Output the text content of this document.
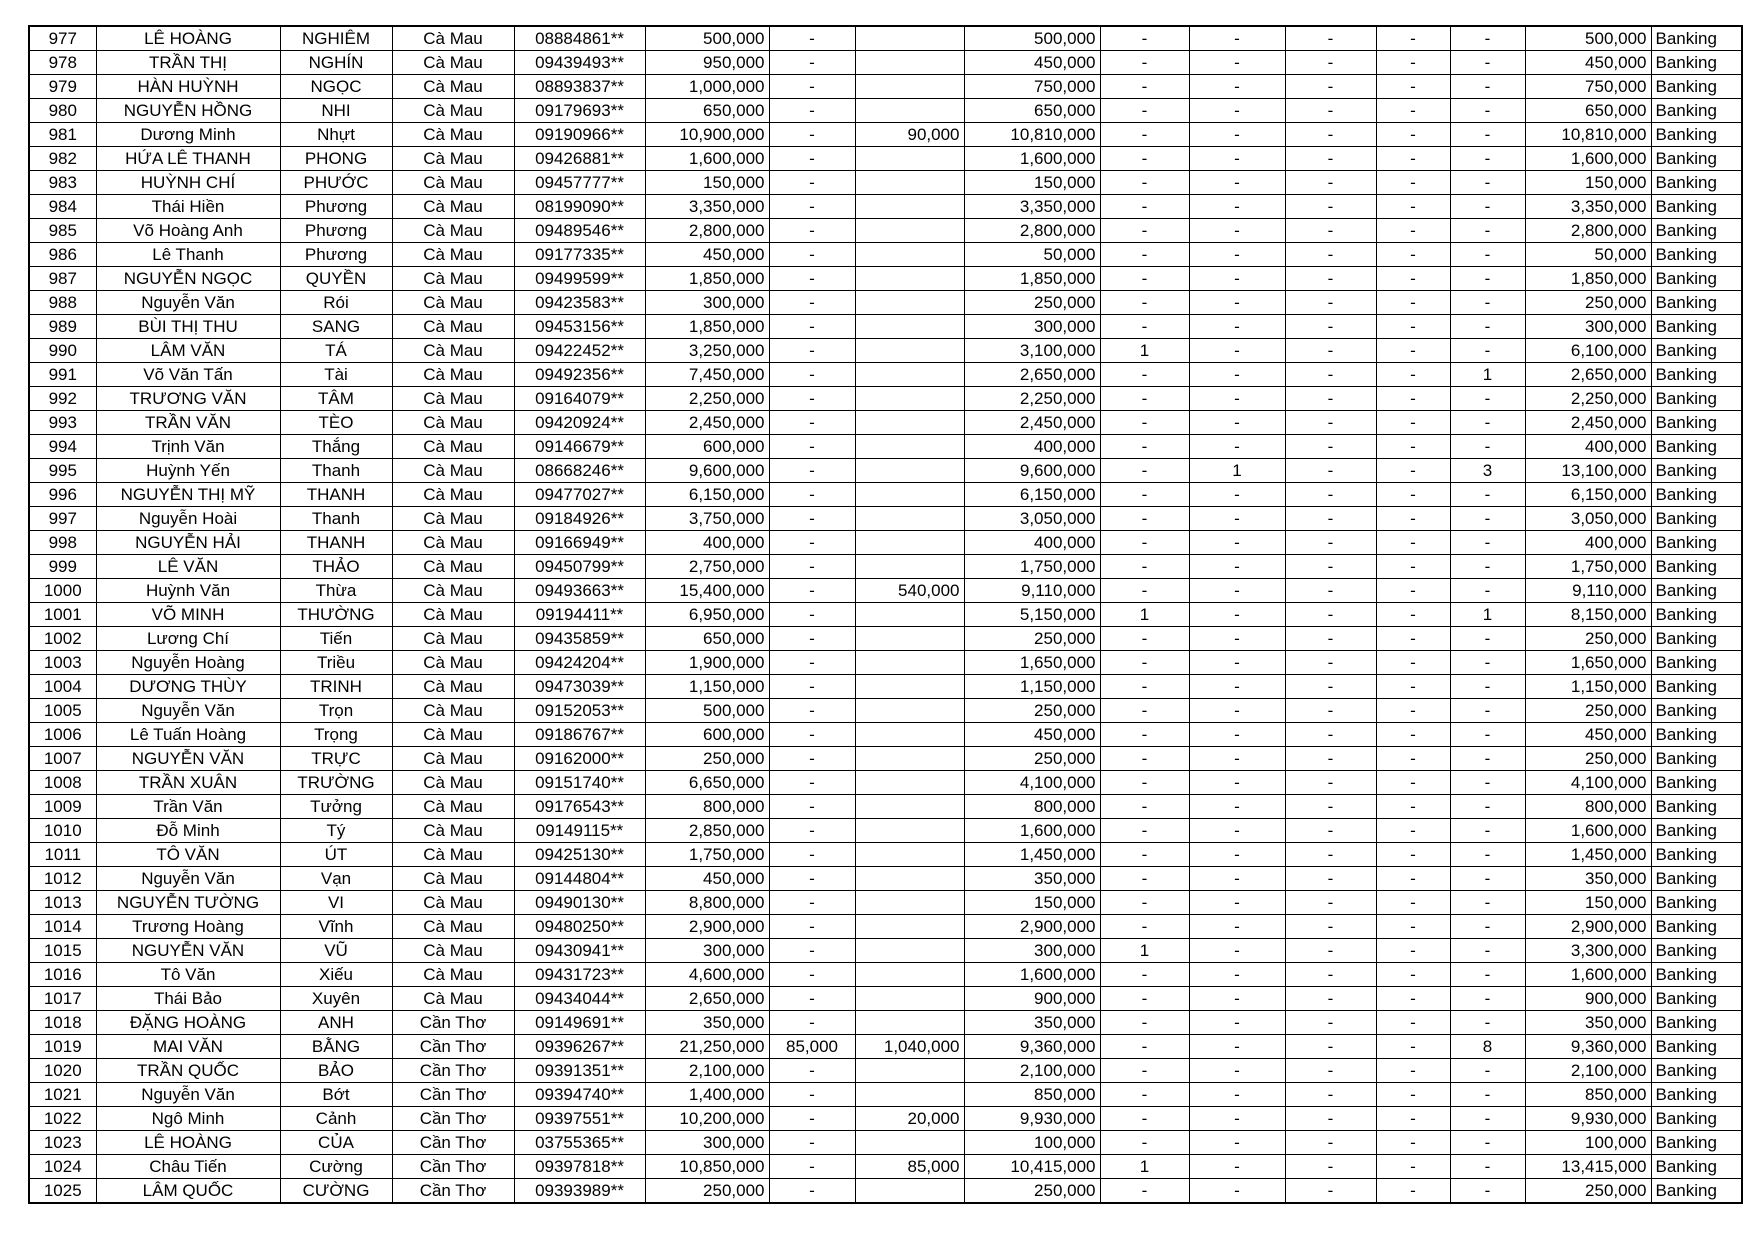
977	LÊ HOÀNG	NGHIÊM	Cà Mau	08884861**	500,000	-		500,000	-	-	-	-	-	500,000	Banking
978	TRẦN THỊ	NGHÍN	Cà Mau	09439493**	950,000	-		450,000	-	-	-	-	-	450,000	Banking
979	HÀN HUỲNH	NGỌC	Cà Mau	08893837**	1,000,000	-		750,000	-	-	-	-	-	750,000	Banking
980	NGUYỄN HỒNG	NHI	Cà Mau	09179693**	650,000	-		650,000	-	-	-	-	-	650,000	Banking
981	Dương Minh	Nhựt	Cà Mau	09190966**	10,900,000	-	90,000	10,810,000	-	-	-	-	-	10,810,000	Banking
982	HỨA LÊ THANH	PHONG	Cà Mau	09426881**	1,600,000	-		1,600,000	-	-	-	-	-	1,600,000	Banking
983	HUỲNH CHÍ	PHƯỚC	Cà Mau	09457777**	150,000	-		150,000	-	-	-	-	-	150,000	Banking
984	Thái Hiền	Phương	Cà Mau	08199090**	3,350,000	-		3,350,000	-	-	-	-	-	3,350,000	Banking
985	Võ Hoàng Anh	Phương	Cà Mau	09489546**	2,800,000	-		2,800,000	-	-	-	-	-	2,800,000	Banking
986	Lê Thanh	Phương	Cà Mau	09177335**	450,000	-		50,000	-	-	-	-	-	50,000	Banking
987	NGUYỄN NGỌC	QUYỀN	Cà Mau	09499599**	1,850,000	-		1,850,000	-	-	-	-	-	1,850,000	Banking
988	Nguyễn Văn	Rói	Cà Mau	09423583**	300,000	-		250,000	-	-	-	-	-	250,000	Banking
989	BÙI THỊ THU	SANG	Cà Mau	09453156**	1,850,000	-		300,000	-	-	-	-	-	300,000	Banking
990	LÂM VĂN	TÁ	Cà Mau	09422452**	3,250,000	-		3,100,000	1	-	-	-	-	6,100,000	Banking
991	Võ Văn Tấn	Tài	Cà Mau	09492356**	7,450,000	-		2,650,000	-	-	-	-	1	2,650,000	Banking
992	TRƯƠNG VĂN	TÂM	Cà Mau	09164079**	2,250,000	-		2,250,000	-	-	-	-	-	2,250,000	Banking
993	TRẦN VĂN	TÈO	Cà Mau	09420924**	2,450,000	-		2,450,000	-	-	-	-	-	2,450,000	Banking
994	Trịnh Văn	Thắng	Cà Mau	09146679**	600,000	-		400,000	-	-	-	-	-	400,000	Banking
995	Huỳnh Yến	Thanh	Cà Mau	08668246**	9,600,000	-		9,600,000	-	1	-	-	3	13,100,000	Banking
996	NGUYỄN THỊ MỸ	THANH	Cà Mau	09477027**	6,150,000	-		6,150,000	-	-	-	-	-	6,150,000	Banking
997	Nguyễn Hoài	Thanh	Cà Mau	09184926**	3,750,000	-		3,050,000	-	-	-	-	-	3,050,000	Banking
998	NGUYỄN HẢI	THANH	Cà Mau	09166949**	400,000	-		400,000	-	-	-	-	-	400,000	Banking
999	LÊ VĂN	THẢO	Cà Mau	09450799**	2,750,000	-		1,750,000	-	-	-	-	-	1,750,000	Banking
1000	Huỳnh Văn	Thừa	Cà Mau	09493663**	15,400,000	-	540,000	9,110,000	-	-	-	-	-	9,110,000	Banking
1001	VÕ MINH	THƯỜNG	Cà Mau	09194411**	6,950,000	-		5,150,000	1	-	-	-	1	8,150,000	Banking
1002	Lương Chí	Tiến	Cà Mau	09435859**	650,000	-		250,000	-	-	-	-	-	250,000	Banking
1003	Nguyễn Hoàng	Triều	Cà Mau	09424204**	1,900,000	-		1,650,000	-	-	-	-	-	1,650,000	Banking
1004	DƯƠNG THÙY	TRINH	Cà Mau	09473039**	1,150,000	-		1,150,000	-	-	-	-	-	1,150,000	Banking
1005	Nguyễn Văn	Trọn	Cà Mau	09152053**	500,000	-		250,000	-	-	-	-	-	250,000	Banking
1006	Lê Tuấn Hoàng	Trọng	Cà Mau	09186767**	600,000	-		450,000	-	-	-	-	-	450,000	Banking
1007	NGUYỄN VĂN	TRỰC	Cà Mau	09162000**	250,000	-		250,000	-	-	-	-	-	250,000	Banking
1008	TRẦN XUÂN	TRƯỜNG	Cà Mau	09151740**	6,650,000	-		4,100,000	-	-	-	-	-	4,100,000	Banking
1009	Trần Văn	Tưởng	Cà Mau	09176543**	800,000	-		800,000	-	-	-	-	-	800,000	Banking
1010	Đỗ Minh	Tý	Cà Mau	09149115**	2,850,000	-		1,600,000	-	-	-	-	-	1,600,000	Banking
1011	TÔ VĂN	ÚT	Cà Mau	09425130**	1,750,000	-		1,450,000	-	-	-	-	-	1,450,000	Banking
1012	Nguyễn Văn	Vạn	Cà Mau	09144804**	450,000	-		350,000	-	-	-	-	-	350,000	Banking
1013	NGUYỄN TƯỜNG	VI	Cà Mau	09490130**	8,800,000	-		150,000	-	-	-	-	-	150,000	Banking
1014	Trương Hoàng	Vĩnh	Cà Mau	09480250**	2,900,000	-		2,900,000	-	-	-	-	-	2,900,000	Banking
1015	NGUYỄN VĂN	VŨ	Cà Mau	09430941**	300,000	-		300,000	1	-	-	-	-	3,300,000	Banking
1016	Tô Văn	Xiếu	Cà Mau	09431723**	4,600,000	-		1,600,000	-	-	-	-	-	1,600,000	Banking
1017	Thái Bảo	Xuyên	Cà Mau	09434044**	2,650,000	-		900,000	-	-	-	-	-	900,000	Banking
1018	ĐẶNG HOÀNG	ANH	Cần Thơ	09149691**	350,000	-		350,000	-	-	-	-	-	350,000	Banking
1019	MAI VĂN	BẰNG	Cần Thơ	09396267**	21,250,000	85,000	1,040,000	9,360,000	-	-	-	-	8	9,360,000	Banking
1020	TRẦN QUỐC	BẢO	Cần Thơ	09391351**	2,100,000	-		2,100,000	-	-	-	-	-	2,100,000	Banking
1021	Nguyễn Văn	Bớt	Cần Thơ	09394740**	1,400,000	-		850,000	-	-	-	-	-	850,000	Banking
1022	Ngô Minh	Cảnh	Cần Thơ	09397551**	10,200,000	-	20,000	9,930,000	-	-	-	-	-	9,930,000	Banking
1023	LÊ HOÀNG	CỦA	Cần Thơ	03755365**	300,000	-		100,000	-	-	-	-	-	100,000	Banking
1024	Châu Tiến	Cường	Cần Thơ	09397818**	10,850,000	-	85,000	10,415,000	1	-	-	-	-	13,415,000	Banking
1025	LÂM QUỐC	CƯỜNG	Cần Thơ	09393989**	250,000	-		250,000	-	-	-	-	-	250,000	Banking
